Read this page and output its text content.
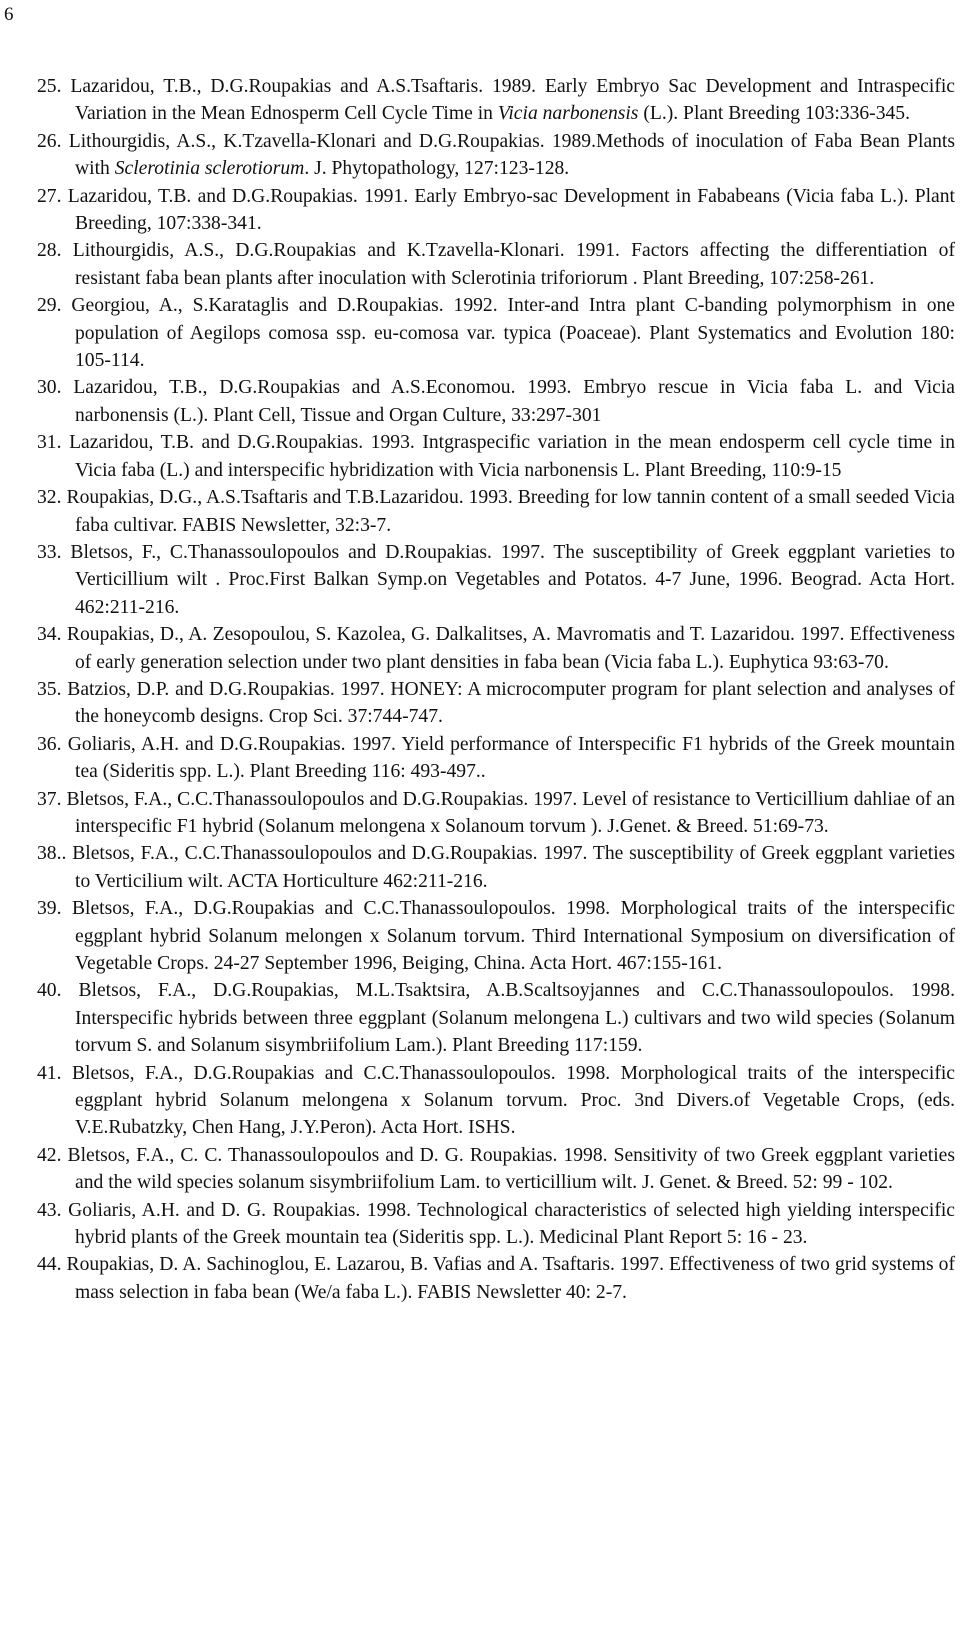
6
25. Lazaridou, T.B., D.G.Roupakias and A.S.Tsaftaris. 1989. Early Embryo Sac Development and Intraspecific Variation in the Mean Ednosperm Cell Cycle Time in Vicia narbonensis (L.). Plant Breeding 103:336-345.
26. Lithourgidis, A.S., K.Tzavella-Klonari and D.G.Roupakias. 1989.Methods of inoculation of Faba Bean Plants with Sclerotinia sclerotiorum. J. Phytopathology, 127:123-128.
27. Lazaridou, T.B. and D.G.Roupakias. 1991. Early Embryo-sac Development in Fababeans (Vicia faba L.). Plant Breeding, 107:338-341.
28. Lithourgidis, A.S., D.G.Roupakias and K.Tzavella-Klonari. 1991. Factors affecting the differentiation of resistant faba bean plants after inoculation with Sclerotinia triforiorum . Plant Breeding, 107:258-261.
29. Georgiou, A., S.Karataglis and D.Roupakias. 1992. Inter-and Intra plant C-banding polymorphism in one population of Aegilops comosa ssp. eu-comosa var. typica (Poaceae). Plant Systematics and Evolution 180: 105-114.
30. Lazaridou, T.B., D.G.Roupakias and A.S.Economou. 1993. Embryo rescue in Vicia faba L. and Vicia narbonensis (L.). Plant Cell, Tissue and Organ Culture, 33:297-301
31. Lazaridou, T.B. and D.G.Roupakias. 1993. Intgraspecific variation in the mean endosperm cell cycle time in Vicia faba (L.) and interspecific hybridization with Vicia narbonensis L. Plant Breeding, 110:9-15
32. Roupakias, D.G., A.S.Tsaftaris and T.B.Lazaridou. 1993. Breeding for low tannin content of a small seeded Vicia faba cultivar. FABIS Newsletter, 32:3-7.
33. Bletsos, F., C.Thanassoulopoulos and D.Roupakias. 1997. The susceptibility of Greek eggplant varieties to Verticillium wilt . Proc.First Balkan Symp.on Vegetables and Potatos. 4-7 June, 1996. Beograd. Acta Hort. 462:211-216.
34. Roupakias, D., A. Zesopoulou, S. Kazolea, G. Dalkalitses, A. Mavromatis and T. Lazaridou. 1997. Effectiveness of early generation selection under two plant densities in faba bean (Vicia faba L.). Euphytica 93:63-70.
35. Batzios, D.P. and D.G.Roupakias. 1997. HONEY: A microcomputer program for plant selection and analyses of the honeycomb designs. Crop Sci. 37:744-747.
36. Goliaris, A.H. and D.G.Roupakias. 1997. Yield performance of Interspecific F1 hybrids of the Greek mountain tea (Sideritis spp. L.). Plant Breeding 116: 493-497..
37. Bletsos, F.A., C.C.Thanassoulopoulos and D.G.Roupakias. 1997. Level of resistance to Verticillium dahliae of an interspecific F1 hybrid (Solanum melongena x Solanoum torvum ). J.Genet. & Breed. 51:69-73.
38.. Bletsos, F.A., C.C.Thanassoulopoulos and D.G.Roupakias. 1997. The susceptibility of Greek eggplant varieties to Verticilium wilt. ACTA Horticulture 462:211-216.
39. Bletsos, F.A., D.G.Roupakias and C.C.Thanassoulopoulos. 1998. Morphological traits of the interspecific eggplant hybrid Solanum melongen x Solanum torvum. Third International Symposium on diversification of Vegetable Crops. 24-27 September 1996, Beiging, China. Acta Hort. 467:155-161.
40. Bletsos, F.A., D.G.Roupakias, M.L.Tsaktsira, A.B.Scaltsoyjannes and C.C.Thanassoulopoulos. 1998. Interspecific hybrids between three eggplant (Solanum melongena L.) cultivars and two wild species (Solanum torvum S. and Solanum sisymbriifolium Lam.). Plant Breeding 117:159.
41. Bletsos, F.A., D.G.Roupakias and C.C.Thanassoulopoulos. 1998. Morphological traits of the interspecific eggplant hybrid Solanum melongena x Solanum torvum. Proc. 3nd Divers.of Vegetable Crops, (eds. V.E.Rubatzky, Chen Hang, J.Y.Peron). Acta Hort. ISHS.
42. Bletsos, F.A., C. C. Thanassoulopoulos and D. G. Roupakias. 1998. Sensitivity of two Greek eggplant varieties and the wild species solanum sisymbriifolium Lam. to verticillium wilt. J. Genet. & Breed. 52: 99 - 102.
43. Goliaris, A.H. and D. G. Roupakias. 1998. Technological characteristics of selected high yielding interspecific hybrid plants of the Greek mountain tea (Sideritis spp. L.). Medicinal Plant Report 5: 16 - 23.
44. Roupakias, D. A. Sachinoglou, E. Lazarou, B. Vafias and A. Tsaftaris. 1997. Effectiveness of two grid systems of mass selection in faba bean (We/a faba L.). FABIS Newsletter 40: 2-7.
